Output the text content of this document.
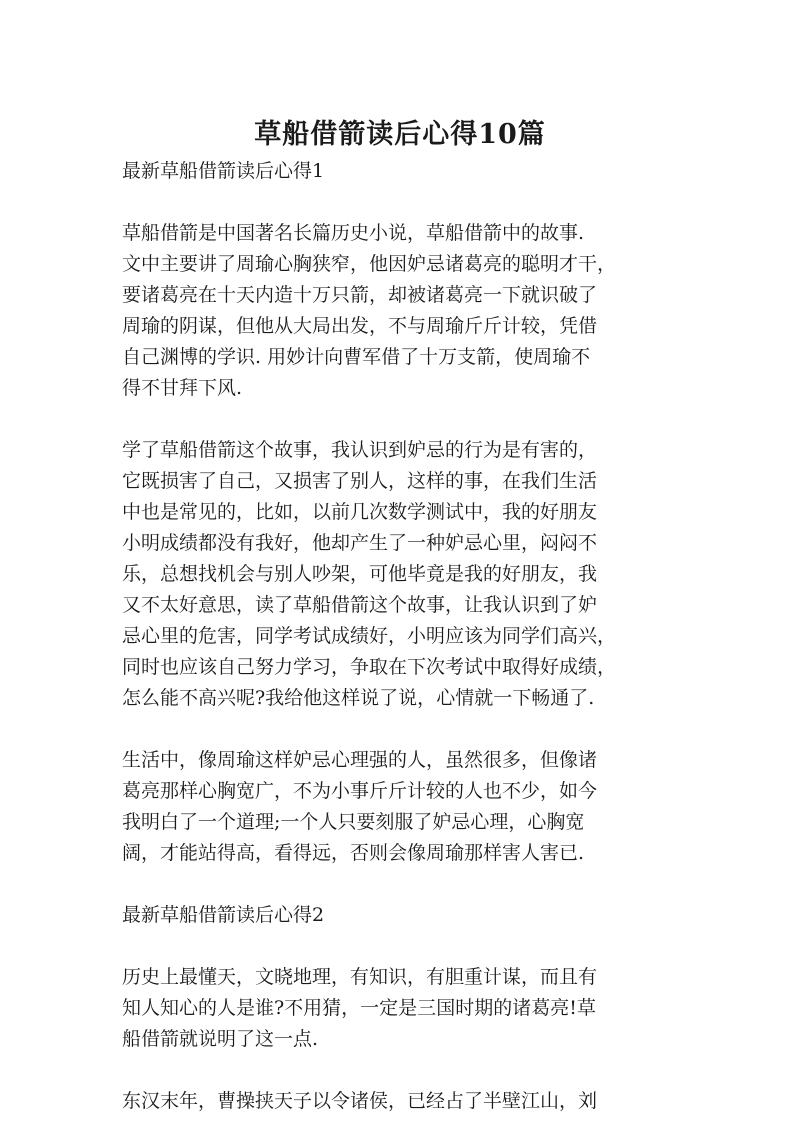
草船借箭读后心得10篇

最新草船借箭读后心得1

草船借箭是中国著名长篇历史小说，草船借箭中的故事.
文中主要讲了周瑜心胸狭窄，他因妒忌诸葛亮的聪明才干，
要诸葛亮在十天内造十万只箭，却被诸葛亮一下就识破了
周瑜的阴谋，但他从大局出发，不与周瑜斤斤计较，凭借
自己渊博的学识. 用妙计向曹军借了十万支箭，使周瑜不
得不甘拜下风.
学了草船借箭这个故事，我认识到妒忌的行为是有害的，
它既损害了自己，又损害了别人，这样的事，在我们生活
中也是常见的，比如，以前几次数学测试中，我的好朋友
小明成绩都没有我好，他却产生了一种妒忌心里，闷闷不
乐，总想找机会与别人吵架，可他毕竟是我的好朋友，我
又不太好意思，读了草船借箭这个故事，让我认识到了妒
忌心里的危害，同学考试成绩好，小明应该为同学们高兴，
同时也应该自己努力学习，争取在下次考试中取得好成绩，
怎么能不高兴呢?我给他这样说了说，心情就一下畅通了.
生活中，像周瑜这样妒忌心理强的人，虽然很多，但像诸
葛亮那样心胸宽广，不为小事斤斤计较的人也不少，如今
我明白了一个道理;一个人只要刻服了妒忌心理，心胸宽
阔，才能站得高，看得远，否则会像周瑜那样害人害已.

最新草船借箭读后心得2

历史上最懂天，文晓地理，有知识，有胆重计谋，而且有
知人知心的人是谁?不用猜，一定是三国时期的诸葛亮!草
船借箭就说明了这一点.
东汉末年，曹操挟天子以令诸侯，已经占了半壁江山，刘
